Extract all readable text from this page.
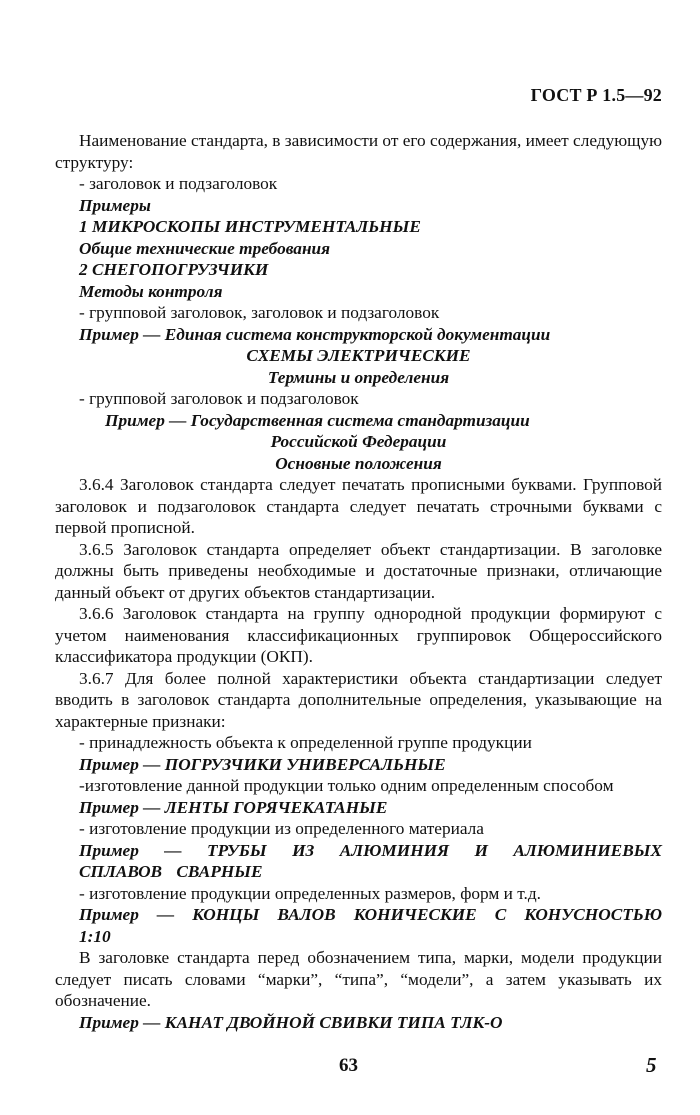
ГОСТ Р 1.5—92

Наименование стандарта, в зависимости от его содержания, имеет следующую структуру:

- заголовок и подзаголовок

Примеры

1 МИКРОСКОПЫ ИНСТРУМЕНТАЛЬНЫЕ

Общие технические требования

2 СНЕГОПОГРУЗЧИКИ

Методы контроля

- групповой заголовок, заголовок и подзаголовок

Пример — Единая система конструкторской документации

СХЕМЫ ЭЛЕКТРИЧЕСКИЕ

Термины и определения

- групповой заголовок и подзаголовок

Пример — Государственная система стандартизации

Российской Федерации

Основные положения

3.6.4 Заголовок стандарта следует печатать прописными буквами. Групповой заголовок и подзаголовок стандарта следует печатать строчными буквами с первой прописной.

3.6.5 Заголовок стандарта определяет объект стандартизации. В заголовке должны быть приведены необходимые и достаточные признаки, отличающие данный объект от других объектов стандартизации.

3.6.6 Заголовок стандарта на группу однородной продукции формируют с учетом наименования классификационных группировок Общероссийского классификатора продукции (ОКП).

3.6.7 Для более полной характеристики объекта стандартизации следует вводить в заголовок стандарта дополнительные определения, указывающие на характерные признаки:

- принадлежность объекта к определенной группе продукции

Пример — ПОГРУЗЧИКИ УНИВЕРСАЛЬНЫЕ

-изготовление данной продукции только одним определенным способом

Пример — ЛЕНТЫ ГОРЯЧЕКАТАНЫЕ

- изготовление продукции из определенного материала

Пример — ТРУБЫ ИЗ АЛЮМИНИЯ И АЛЮМИНИЕВЫХ СПЛАВОВ СВАРНЫЕ

- изготовление продукции определенных размеров, форм и т.д.

Пример — КОНЦЫ ВАЛОВ КОНИЧЕСКИЕ С КОНУСНОСТЬЮ 1:10

В заголовке стандарта перед обозначением типа, марки, модели продукции следует писать словами “марки”, “типа”, “модели”, а затем указывать их обозначение.

Пример — КАНАТ ДВОЙНОЙ СВИВКИ ТИПА ТЛК-О

63	5
